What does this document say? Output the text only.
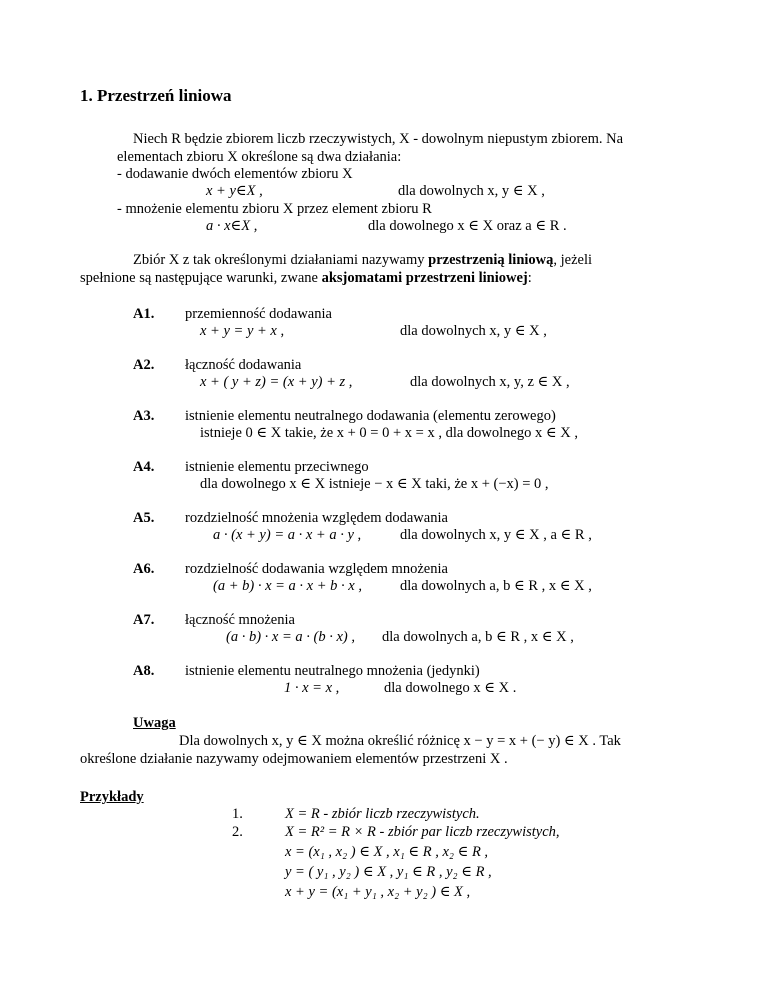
1. Przestrzeń liniowa
Niech R będzie zbiorem liczb rzeczywistych, X - dowolnym niepustym zbiorem. Na
elementach zbioru X określone są dwa działania:
- dodawanie dwóch elementów zbioru X
x + y∈X ,	dla dowolnych x, y ∈ X ,
- mnożenie elementu zbioru X przez element zbioru R
a · x∈X ,	dla dowolnego x ∈ X oraz a ∈ R .
Zbiór X z tak określonymi działaniami nazywamy przestrzenią liniową, jeżeli
spełnione są następujące warunki, zwane aksjomatami przestrzeni liniowej:
A1. przemienność dodawania
x + y = y + x ,	dla dowolnych x, y ∈ X ,
A2. łączność dodawania
x + ( y + z) = (x + y) + z ,	dla dowolnych x, y, z ∈ X ,
A3. istnienie elementu neutralnego dodawania (elementu zerowego)
istnieje 0 ∈ X takie, że x + 0 = 0 + x = x , dla dowolnego x ∈ X ,
A4. istnienie elementu przeciwnego
dla dowolnego x ∈ X istnieje − x ∈ X taki, że x + (−x) = 0 ,
A5. rozdzielność mnożenia względem dodawania
a · (x + y) = a · x + a · y ,	dla dowolnych x, y ∈ X , a ∈ R ,
A6. rozdzielność dodawania względem mnożenia
(a + b) · x = a · x + b · x ,	dla dowolnych a, b ∈ R , x ∈ X ,
A7. łączność mnożenia
(a · b) · x = a · (b · x) , dla dowolnych a, b ∈ R , x ∈ X ,
A8. istnienie elementu neutralnego mnożenia (jedynki)
1 · x = x ,	dla dowolnego x ∈ X .
Uwaga
Dla dowolnych x, y ∈ X można określić różnicę x − y = x + (− y) ∈ X . Tak
określone działanie nazywamy odejmowaniem elementów przestrzeni X .
Przykłady
1.	X = R - zbiór liczb rzeczywistych.
2.	X = R² = R × R - zbiór par liczb rzeczywistych,
x = (x₁ , x₂ ) ∈ X , x₁ ∈ R , x₂ ∈ R ,
y = ( y₁ , y₂ ) ∈ X , y₁ ∈ R , y₂ ∈ R ,
x + y = (x₁ + y₁ , x₂ + y₂ ) ∈ X ,
